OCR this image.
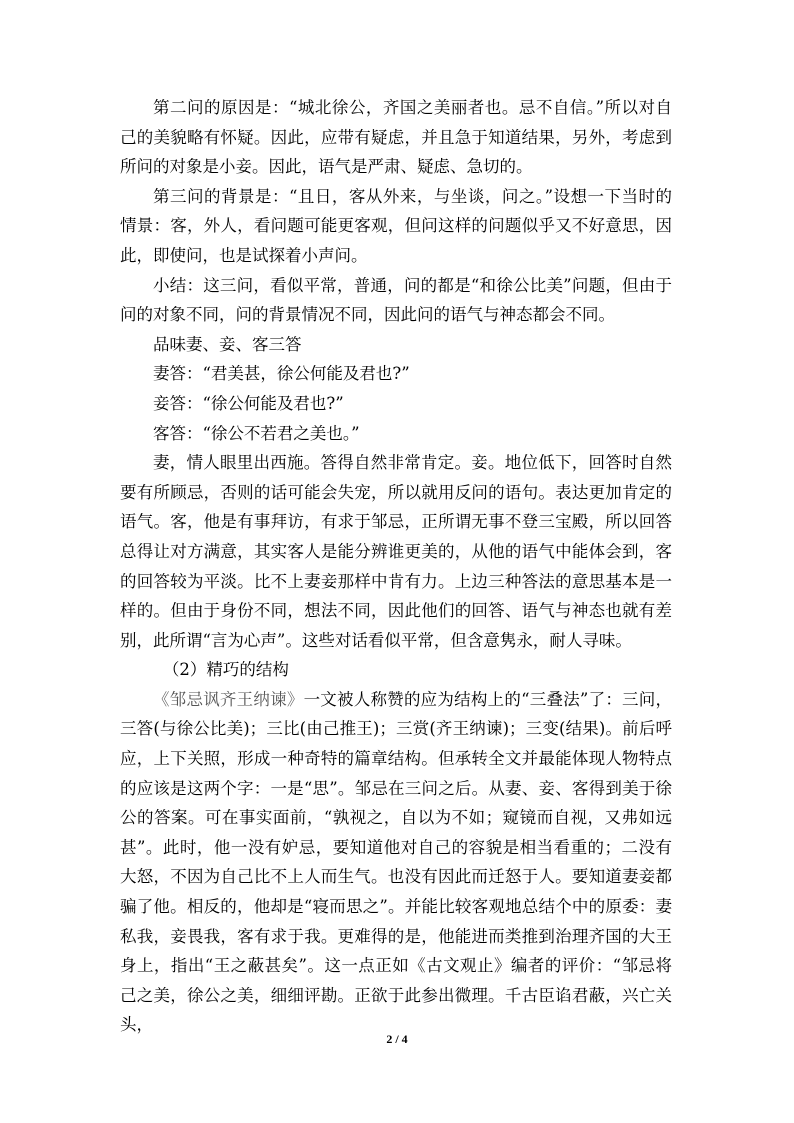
第二问的原因是：“城北徐公，齐国之美丽者也。忌不自信。”所以对自己的美貌略有怀疑。因此，应带有疑虑，并且急于知道结果，另外，考虑到所问的对象是小妾。因此，语气是严肃、疑虑、急切的。

第三问的背景是：“且日，客从外来，与坐谈，问之。”设想一下当时的情景：客，外人，看问题可能更客观，但问这样的问题似乎又不好意思，因此，即使问，也是试探着小声问。

小结：这三问，看似平常，普通，问的都是“和徐公比美”问题，但由于问的对象不同，问的背景情况不同，因此问的语气与神态都会不同。

品味妻、妾、客三答

妻答：“君美甚，徐公何能及君也?”

妾答：“徐公何能及君也?”

客答：“徐公不若君之美也。”

妻，情人眼里出西施。答得自然非常肯定。妾。地位低下，回答时自然要有所顾忌，否则的话可能会失宠，所以就用反问的语句。表达更加肯定的语气。客，他是有事拜访，有求于邹忌，正所谓无事不登三宝殿，所以回答总得让对方满意，其实客人是能分辨谁更美的，从他的语气中能体会到，客的回答较为平淡。比不上妻妾那样中肯有力。上边三种答法的意思基本是一样的。但由于身份不同，想法不同，因此他们的回答、语气与神态也就有差别，此所谓“言为心声”。这些对话看似平常，但含意隽永，耐人寻味。

（2）精巧的结构

《邹忌讽齐王纳谏》一文被人称赞的应为结构上的“三叠法”了：三问，三答(与徐公比美)；三比(由己推王)；三赏(齐王纳谏)；三变(结果)。前后呼应，上下关照，形成一种奇特的篇章结构。但承转全文并最能体现人物特点的应该是这两个字：一是“思”。邹忌在三问之后。从妻、妾、客得到美于徐公的答案。可在事实面前，“孰视之，自以为不如；窥镜而自视，又弗如远甚”。此时，他一没有妒忌，要知道他对自己的容貌是相当看重的；二没有大怒，不因为自己比不上人而生气。也没有因此而迁怒于人。要知道妻妾都骗了他。相反的，他却是“寝而思之”。并能比较客观地总结个中的原委：妻私我，妾畏我，客有求于我。更难得的是，他能进而类推到治理齐国的大王身上，指出“王之蔽甚矣”。这一点正如《古文观止》编者的评价：“邹忌将己之美，徐公之美，细细评勘。正欲于此参出微理。千古臣谄君蔽，兴亡关头，

2 / 4
